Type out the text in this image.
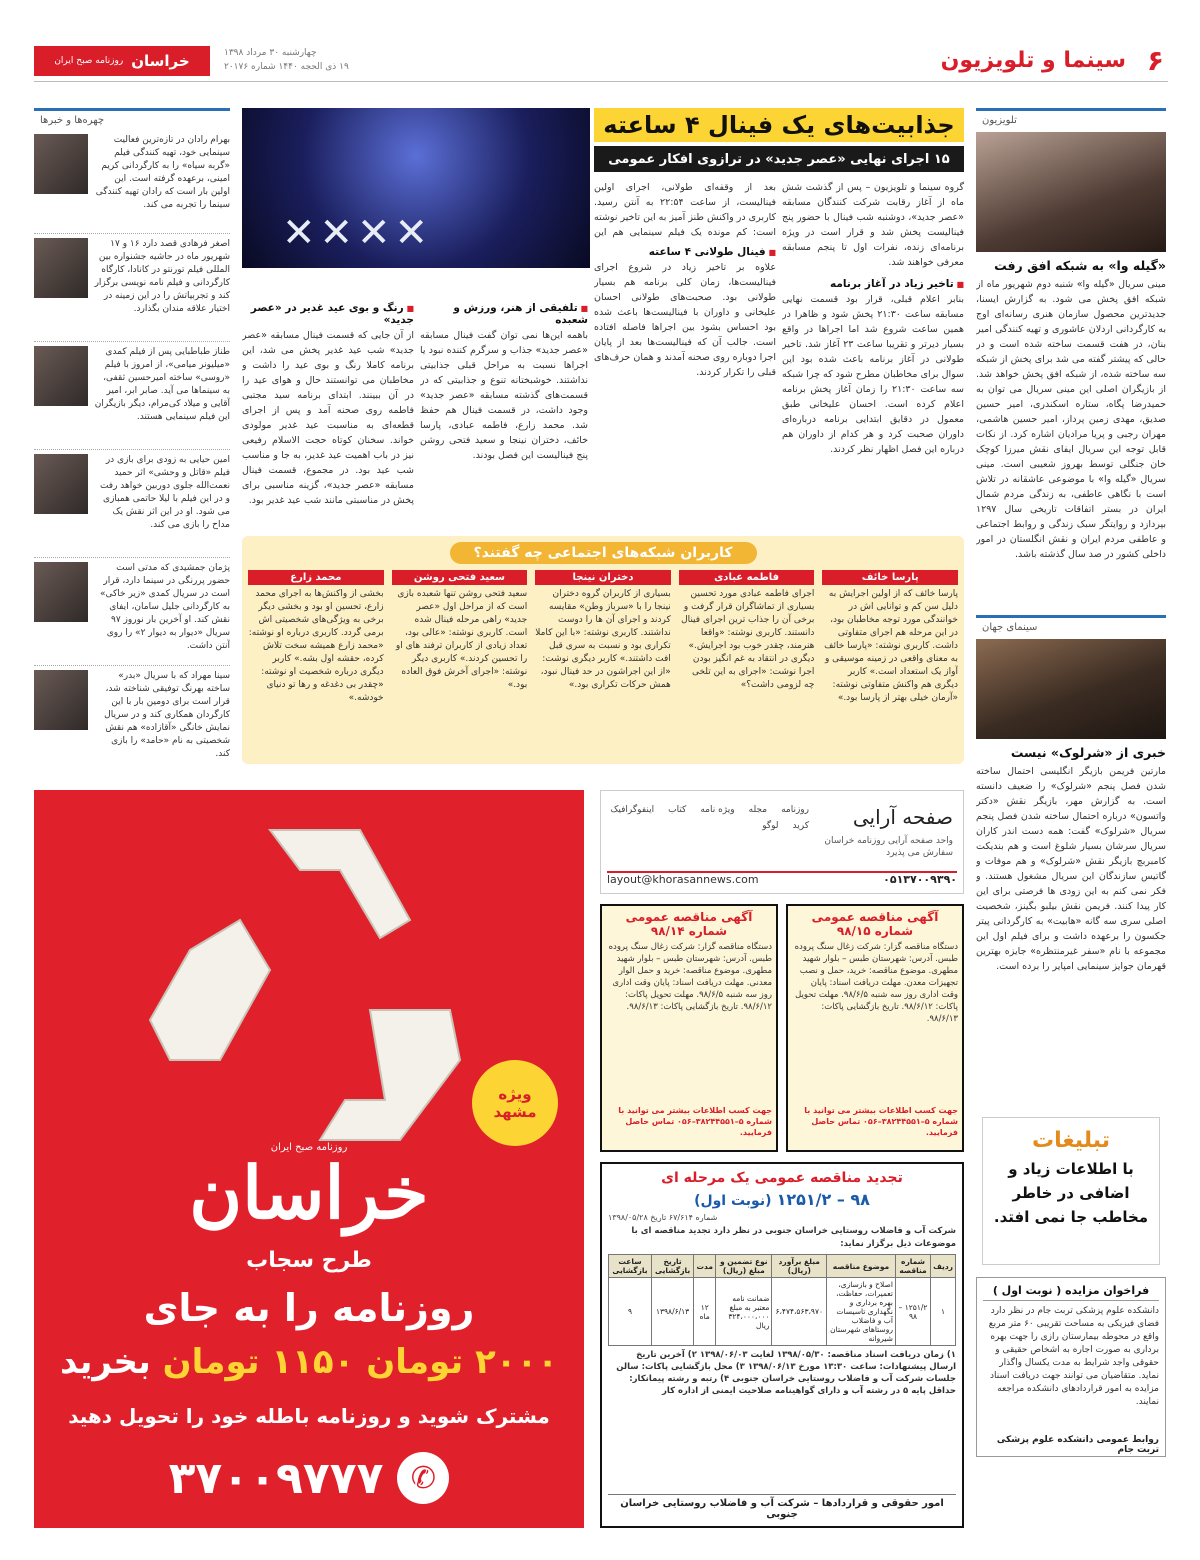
۶
سینما و تلویزیون
چهارشنبه ۳۰ مرداد ۱۳۹۸
۱۹ ذی الحجه ۱۴۴۰ شماره ۲۰۱۷۶
خراسان
روزنامه صبح ایران
تلویزیون
«گیله وا» به شبکه افق رفت
مینی سریال «گیله وا» شنبه دوم شهریور ماه از شبکه افق پخش می شود. به گزارش ایسنا، جدیدترین محصول سازمان هنری رسانه‌ای اوج به کارگردانی اردلان عاشوری و تهیه کنندگی امیر بنان، در هفت قسمت ساخته شده است و در حالی که پیشتر گفته می شد برای پخش از شبکه سه ساخته شده، از شبکه افق پخش خواهد شد. از بازیگران اصلی این مینی سریال می توان به حمیدرضا پگاه، ستاره اسکندری، امیر حسین صدیق، مهدی زمین پرداز، امیر حسین هاشمی، مهران رجبی و پریا مرادیان اشاره کرد. از نکات قابل توجه این سریال ایفای نقش میرزا کوچک خان جنگلی توسط بهروز شعیبی است. مینی سریال «گیله وا» با موضوعی عاشقانه در تلاش است با نگاهی عاطفی، به زندگی مردم شمال ایران در بستر اتفاقات تاریخی سال ۱۲۹۷ بپردازد و روایتگر سبک زندگی و روابط اجتماعی و عاطفی مردم ایران و نقش انگلستان در امور داخلی کشور در صد سال گذشته باشد.
سینمای جهان
خبری از «شرلوک» نیست
مارتین فریمن بازیگر انگلیسی احتمال ساخته شدن فصل پنجم «شرلوک» را ضعیف دانسته است. به گزارش مهر، بازیگر نقش «دکتر واتسون» درباره احتمال ساخته شدن فصل پنجم سریال «شرلوک» گفت: همه دست اندر کاران سریال سرشان بسیار شلوغ است و هم بندیکت کامبربچ بازیگر نقش «شرلوک» و هم موفات و گاتیس سازندگان این سریال مشغول هستند. و فکر نمی کنم به این زودی ها فرصتی برای این کار پیدا کنند. فریمن نقش بیلبو بگینز، شخصیت اصلی سری سه گانه «هابیت» به کارگردانی پیتر جکسون را برعهده داشت و برای فیلم اول این مجموعه با نام «سفر غیرمنتظره» جایزه بهترین قهرمان جوایز سینمایی امپایر را برده است.
تبلیغات
با اطلاعات زیاد و اضافی در خاطر مخاطب جا نمی افتد.
فراخوان مزایده ( نوبت اول )
دانشکده علوم پزشکی تربت جام در نظر دارد فضای فیزیکی به مساحت تقریبی ۶۰ متر مربع واقع در محوطه بیمارستان رازی را جهت بهره برداری به صورت اجاره به اشخاص حقیقی و حقوقی واجد شرایط به مدت یکسال واگذار نماید. متقاضیان می توانند جهت دریافت اسناد مزایده به امور قراردادهای دانشکده مراجعه نمایند.
روابط عمومی دانشکده علوم پزشکی تربت جام
✕✕✕✕
جذابیت‌های یک فینال ۴ ساعته
۱۵ اجرای نهایی «عصر جدید» در ترازوی افکار عمومی
گروه سینما و تلویزیون – پس از گذشت شش ماه از آغاز رقابت شرکت کنندگان مسابقه «عصر جدید»، دوشنبه شب فینال با حضور پنج فینالیست پخش شد و قرار است در ویژه برنامه‌ای زنده، نفرات اول تا پنجم مسابقه معرفی خواهند شد.
بعد از وقفه‌ای طولانی، اجرای اولین فینالیست، از ساعت ۲۲:۵۴ به آنتن رسید. کاربری در واکنش طنز آمیز به این تاخیر نوشته است: کم مونده یک فیلم سینمایی هم این
■ فینال طولانی ۴ ساعته
علاوه بر تاخیر زیاد در شروع اجرای فینالیست‌ها، زمان کلی برنامه هم بسیار طولانی بود. صحبت‌های طولانی احسان علیخانی و داوران با فینالیست‌ها باعث شده بود احساس بشود بین اجراها فاصله افتاده است. جالب آن که فینالیست‌ها بعد از پایان اجرا دوباره روی صحنه آمدند و همان حرف‌های قبلی را تکرار کردند.
■ تاخیر زیاد در آغاز برنامه
بنابر اعلام قبلی، قرار بود قسمت نهایی مسابقه ساعت ۲۱:۳۰ پخش شود و ظاهرا در همین ساعت شروع شد اما اجراها در واقع بسیار دیرتر و تقریبا ساعت ۲۳ آغاز شد. تاخیر طولانی در آغاز برنامه باعث شده بود این سوال برای مخاطبان مطرح شود که چرا شبکه سه ساعت ۲۱:۳۰ را زمان آغاز پخش برنامه اعلام کرده است. احسان علیخانی طبق معمول در دقایق ابتدایی برنامه درباره‌ای داوران صحبت کرد و هر کدام از داوران هم درباره این فصل اظهار نظر کردند.
■ تلفیقی از هنر، ورزش و شعبده
باهمه این‌ها نمی توان گفت فینال مسابقه «عصر جدید» جذاب و سرگرم کننده نبود یا اجراها نسبت به مراحل قبلی جذابیتی نداشتند. خوشبختانه تنوع و جذابیتی که در قسمت‌های گذشته مسابقه «عصر جدید» وجود داشت، در قسمت فینال هم حفظ شد. محمد زارع، فاطمه عبادی، پارسا خائف، دختران نینجا و سعید فتحی روشن پنج فینالیست این فصل بودند.
■ رنگ و بوی عید غدیر در «عصر جدید»
از آن جایی که قسمت فینال مسابقه «عصر جدید» شب عید غدیر پخش می شد، این برنامه کاملا رنگ و بوی عید را داشت و مخاطبان می توانستند حال و هوای عید را در آن ببینند. ابتدای برنامه سید مجتبی فاطمه روی صحنه آمد و پس از اجرای قطعه‌ای به مناسبت عید غدیر مولودی خواند. سخنان کوتاه حجت الاسلام رفیعی نیز در باب اهمیت عید غدیر، به جا و مناسب شب عید بود. در مجموع، قسمت فینال مسابقه «عصر جدید»، گزینه مناسبی برای پخش در مناسبتی مانند شب عید غدیر بود.
کاربران شبکه‌های اجتماعی چه گفتند؟
پارسا خائف
پارسا خائف که از اولین اجرایش به دلیل سن کم و توانایی اش در خوانندگی مورد توجه مخاطبان بود، در این مرحله هم اجرای متفاوتی داشت. کاربری نوشته: «پارسا خائف به معنای واقعی در زمینه موسیقی و آواز یک استعداد است.» کاربر دیگری هم واکنش متفاوتی نوشته: «آرمان خیلی بهتر از پارسا بود.»
فاطمه عبادی
اجرای فاطمه عبادی مورد تحسین بسیاری از تماشاگران قرار گرفت و برخی آن را جذاب ترین اجرای فینال دانستند. کاربری نوشته: «واقعا هنرمند، چقدر خوب بود اجرایش.» دیگری در انتقاد به غم انگیز بودن اجرا نوشت: «اجرای به این تلخی چه لزومی داشت؟»
دختران نینجا
بسیاری از کاربران گروه دختران نینجا را با «سرباز وطن» مقایسه کردند و اجرای آن ها را دوست نداشتند. کاربری نوشته: «با این کاملا تکراری بود و نسبت به سری قبل افت داشتند.» کاربر دیگری نوشت: «از این اجراشون در حد فینال نبود، همش حرکات تکراری بود.»
سعید فتحی روشن
سعید فتحی روشن تنها شعبده بازی است که از مراحل اول «عصر جدید» راهی مرحله فینال شده است. کاربری نوشته: «عالی بود، تعداد زیادی از کاربران ترفند های او را تحسین کردند.» کاربری دیگر نوشته: «اجرای آخرش فوق العاده بود.»
محمد زارع
بخشی از واکنش‌ها به اجرای محمد زارع، تحسین او بود و بخشی دیگر برخی به ویژگی‌های شخصیتی اش برمی گردد. کاربری درباره او نوشته: «محمد زارع همیشه سخت تلاش کرده، حقشه اول بشه.» کاربر دیگری درباره شخصیت او نوشته: «چقدر بی دغدغه و رها تو دنیای خودشه.»
چهره‌ها و خبرها
بهرام رادان در تازه‌ترین فعالیت سینمایی خود، تهیه کنندگی فیلم «گربه سیاه» را به کارگردانی کریم امینی، برعهده گرفته است. این اولین بار است که رادان تهیه کنندگی سینما را تجربه می کند.
اصغر فرهادی قصد دارد ۱۶ و ۱۷ شهریور ماه در حاشیه جشنواره بین المللی فیلم تورنتو در کانادا، کارگاه کارگردانی و فیلم نامه نویسی برگزار کند و تجربیاتش را در این زمینه در اختیار علاقه مندان بگذارد.
طناز طباطبایی پس از فیلم کمدی «میلیونر میامی»، از امروز با فیلم «روسی» ساخته امیرحسین ثقفی، به سینماها می آید. صابر ابر، امیر آقایی و میلاد کی‌مرام، دیگر بازیگران این فیلم سینمایی هستند.
امین حیایی به زودی برای بازی در فیلم «قاتل و وحشی» اثر حمید نعمت‌الله جلوی دوربین خواهد رفت و در این فیلم با لیلا حاتمی همبازی می شود. او در این اثر نقش یک مداح را بازی می کند.
پژمان جمشیدی که مدتی است حضور پررنگی در سینما دارد، قرار است در سریال کمدی «زیر خاکی» به کارگردانی جلیل سامان، ایفای نقش کند. او آخرین بار نوروز ۹۷ سریال «دیوار به دیوار ۲» را روی آنتن داشت.
سینا مهراد که با سریال «بدر» ساخته بهرنگ توفیقی شناخته شد، قرار است برای دومین بار با این کارگردان همکاری کند و در سریال نمایش خانگی «آقازاده» هم نقش شخصیتی به نام «حامد» را بازی کند.
ویژه مشهد
خراسان
روزنامه صبح ایران
طرح سجاب
روزنامه را به جای
۲۰۰۰ تومان ۱۱۵۰ تومان بخرید
مشترک شوید و روزنامه باطله خود را تحویل دهید
۳۷۰۰۹۷۷۷ ✆
صفحه آرایی
واحد صفحه آرایی روزنامه خراسان سفارش می پذیرد
روزنامه
مجله
ویژه نامه
کتاب
اینفوگرافیک
کرید
لوگو
layout@khorasannews.com	۰۵۱۳۷۰۰۹۳۹۰
آگهی مناقصه عمومی
شماره ۹۸/۱۵
دستگاه مناقصه گزار: شرکت زغال سنگ پروده طبس. آدرس: شهرستان طبس – بلوار شهید مطهری. موضوع مناقصه: خرید، حمل و نصب تجهیزات معدن. مهلت دریافت اسناد: پایان وقت اداری روز سه شنبه ۹۸/۶/۵. مهلت تحویل پاکات: ۹۸/۶/۱۲. تاریخ بازگشایی پاکات: ۹۸/۶/۱۳.
جهت کسب اطلاعات بیشتر می توانید با شماره ۵–۳۸۲۴۴۵۵۱–۰۵۶ تماس حاصل فرمایید.
آگهی مناقصه عمومی
شماره ۹۸/۱۴
دستگاه مناقصه گزار: شرکت زغال سنگ پروده طبس. آدرس: شهرستان طبس – بلوار شهید مطهری. موضوع مناقصه: خرید و حمل الوار معدنی. مهلت دریافت اسناد: پایان وقت اداری روز سه شنبه ۹۸/۶/۵. مهلت تحویل پاکات: ۹۸/۶/۱۲. تاریخ بازگشایی پاکات: ۹۸/۶/۱۳.
جهت کسب اطلاعات بیشتر می توانید با شماره ۵–۳۸۲۴۴۵۵۱–۰۵۶ تماس حاصل فرمایید.
تجدید مناقصه عمومی یک مرحله ای
۹۸ – ۱۲۵۱/۲ (نوبت اول)
شماره ۶۷/۶۱۴ تاریخ ۱۳۹۸/۰۵/۲۸
شرکت آب و فاضلاب روستایی خراسان جنوبی در نظر دارد تجدید مناقصه ای با موضوعات ذیل برگزار نماید:
ردیف	شماره مناقصه	موضوع مناقصه	مبلغ برآورد (ریال)	نوع تضمین و مبلغ (ریال)	مدت	تاریخ بازگشایی	ساعت بازگشایی
۱	۱۲۵۱/۲ – ۹۸	اصلاح و بازسازی، تعمیرات، حفاظت، بهره برداری و نگهداری تاسیسات آب و فاضلاب روستاهای شهرستان شیروانه	۶،۴۷۴،۵۶۳،۹۷۰	ضمانت نامه معتبر به مبلغ ۳۲۴،۰۰۰،۰۰۰ ریال	۱۲ ماه	۱۳۹۸/۶/۱۳	۹
۱) زمان دریافت اسناد مناقصه: ۱۳۹۸/۰۵/۳۰ لغایت ۱۳۹۸/۰۶/۰۳ ۲) آخرین تاریخ ارسال پیشنهادات: ساعت ۱۳:۳۰ مورخ ۱۳۹۸/۰۶/۱۳ ۳) محل بازگشایی پاکات: سالن جلسات شرکت آب و فاضلاب روستایی خراسان جنوبی ۴) رتبه و رشته پیمانکار: حداقل پایه ۵ در رشته آب و دارای گواهینامه صلاحیت ایمنی از اداره کار
امور حقوقی و قراردادها – شرکت آب و فاضلاب روستایی خراسان جنوبی
